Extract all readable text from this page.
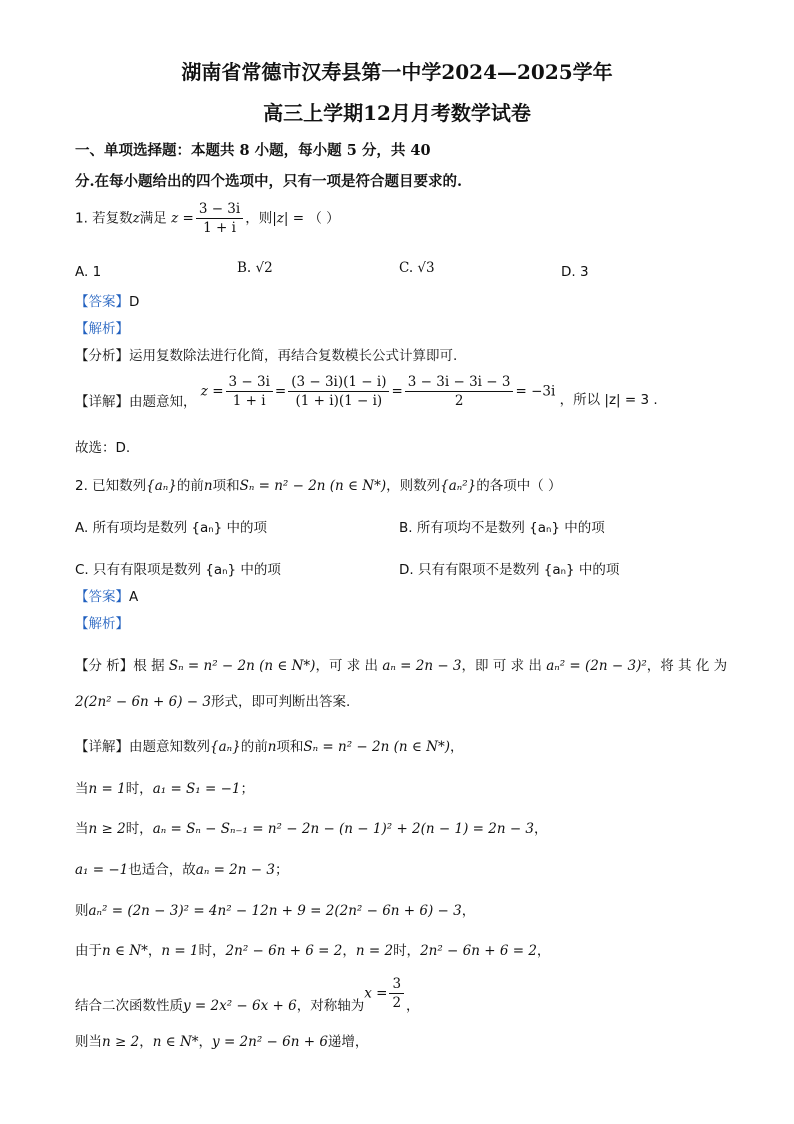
湖南省常德市汉寿县第一中学2024—2025学年
高三上学期12月月考数学试卷
一、单项选择题：本题共 8 小题，每小题 5 分，共 40
分.在每小题给出的四个选项中，只有一项是符合题目要求的.
1. 若复数z满足 $z = \frac{3 - 3i}{1 + i}$ ，则|z| = （ ）
A. 1	B. √2	C. √3	D. 3
【答案】D
【解析】
【分析】运用复数除法进行化简，再结合复数模长公式计算即可.
【详解】由题意知， $z = \frac{3 - 3i}{1 + i} = \frac{(3 - 3i)(1 - i)}{(1 + i)(1 - i)} = \frac{3 - 3i - 3i - 3}{2} = -3i$ ，所以 |z| = 3 .
故选：D.
2. 已知数列{aₙ}的前n项和Sₙ = n² − 2n (n ∈ N*)，则数列{aₙ²}的各项中（ ）
A. 所有项均是数列 {aₙ} 中的项	B. 所有项均不是数列 {aₙ} 中的项
C. 只有有限项是数列 {aₙ} 中的项	D. 只有有限项不是数列 {aₙ} 中的项
【答案】A
【解析】
【分 析】根 据 Sₙ = n² − 2n (n ∈ N*)，可 求 出 aₙ = 2n − 3，即 可 求 出 aₙ² = (2n − 3)²，将 其 化 为
2(2n² − 6n + 6) − 3形式，即可判断出答案.
【详解】由题意知数列{aₙ}的前n项和Sₙ = n² − 2n (n ∈ N*)，
当n = 1时，a₁ = S₁ = −1；
当n ≥ 2时，aₙ = Sₙ − Sₙ₋₁ = n² − 2n − (n − 1)² + 2(n − 1) = 2n − 3，
a₁ = −1也适合，故aₙ = 2n − 3；
则aₙ² = (2n − 3)² = 4n² − 12n + 9 = 2(2n² − 6n + 6) − 3，
由于n ∈ N*，n = 1时，2n² − 6n + 6 = 2，n = 2时，2n² − 6n + 6 = 2，
结合二次函数性质y = 2x² − 6x + 6，对称轴为$x = \frac{3}{2}$ ，
则当n ≥ 2，n ∈ N*，y = 2n² − 6n + 6递增，
